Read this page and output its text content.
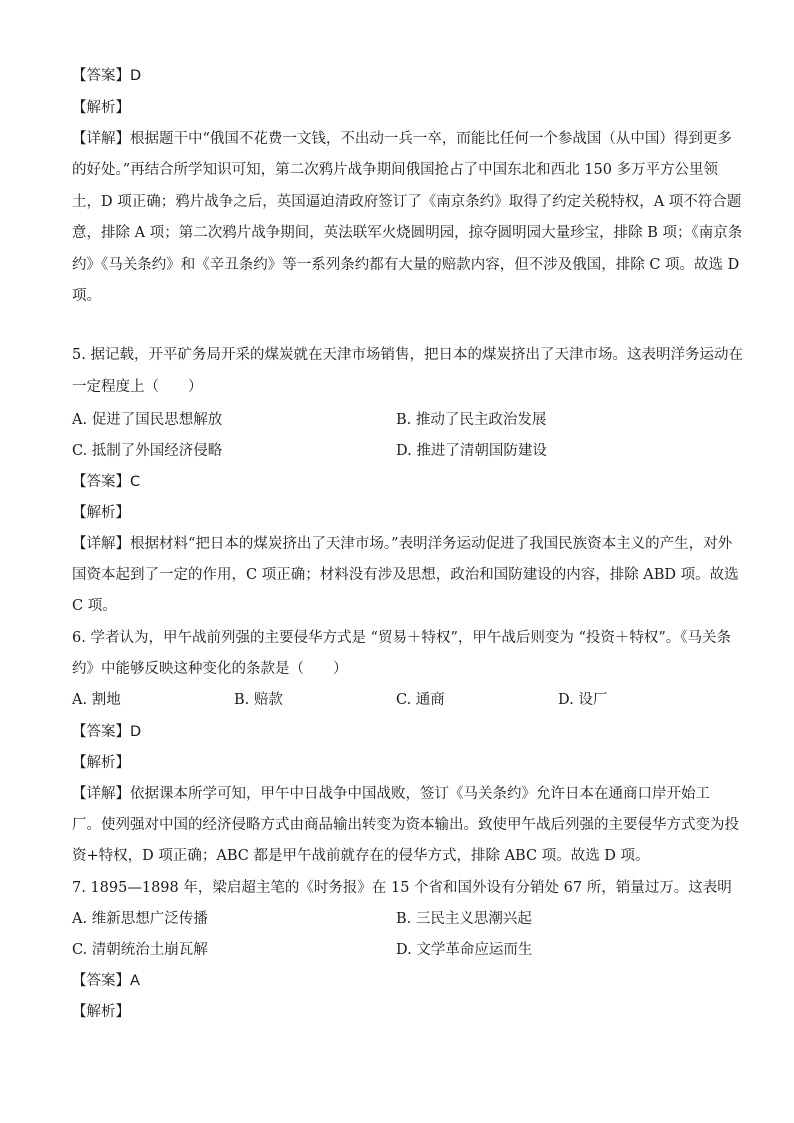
【答案】D
【解析】
【详解】根据题干中“俄国不花费一文钱，不出动一兵一卒，而能比任何一个参战国（从中国）得到更多
的好处。”再结合所学知识可知，第二次鸦片战争期间俄国抢占了中国东北和西北 150 多万平方公里领
土，D 项正确；鸦片战争之后，英国逼迫清政府签订了《南京条约》取得了约定关税特权，A 项不符合题
意，排除 A 项；第二次鸦片战争期间，英法联军火烧圆明园，掠夺圆明园大量珍宝，排除 B 项；《南京条
约》《马关条约》和《辛丑条约》等一系列条约都有大量的赔款内容，但不涉及俄国，排除 C 项。故选 D
项。
5. 据记载，开平矿务局开采的煤炭就在天津市场销售，把日本的煤炭挤出了天津市场。这表明洋务运动在
一定程度上（　　）
A. 促进了国民思想解放	B. 推动了民主政治发展
C. 抵制了外国经济侵略	D. 推进了清朝国防建设
【答案】C
【解析】
【详解】根据材料“把日本的煤炭挤出了天津市场。”表明洋务运动促进了我国民族资本主义的产生，对外
国资本起到了一定的作用，C 项正确；材料没有涉及思想，政治和国防建设的内容，排除 ABD 项。故选
C 项。
6. 学者认为，甲午战前列强的主要侵华方式是 “贸易＋特权”，甲午战后则变为 “投资＋特权”。《马关条
约》中能够反映这种变化的条款是（　　）
A. 割地	B. 赔款	C. 通商	D. 设厂
【答案】D
【解析】
【详解】依据课本所学可知，甲午中日战争中国战败，签订《马关条约》允许日本在通商口岸开始工
厂。使列强对中国的经济侵略方式由商品输出转变为资本输出。致使甲午战后列强的主要侵华方式变为投
资+特权，D 项正确；ABC 都是甲午战前就存在的侵华方式，排除 ABC 项。故选 D 项。
7. 1895—1898 年，梁启超主笔的《时务报》在 15 个省和国外设有分销处 67 所，销量过万。这表明
A. 维新思想广泛传播	B. 三民主义思潮兴起
C. 清朝统治土崩瓦解	D. 文学革命应运而生
【答案】A
【解析】
